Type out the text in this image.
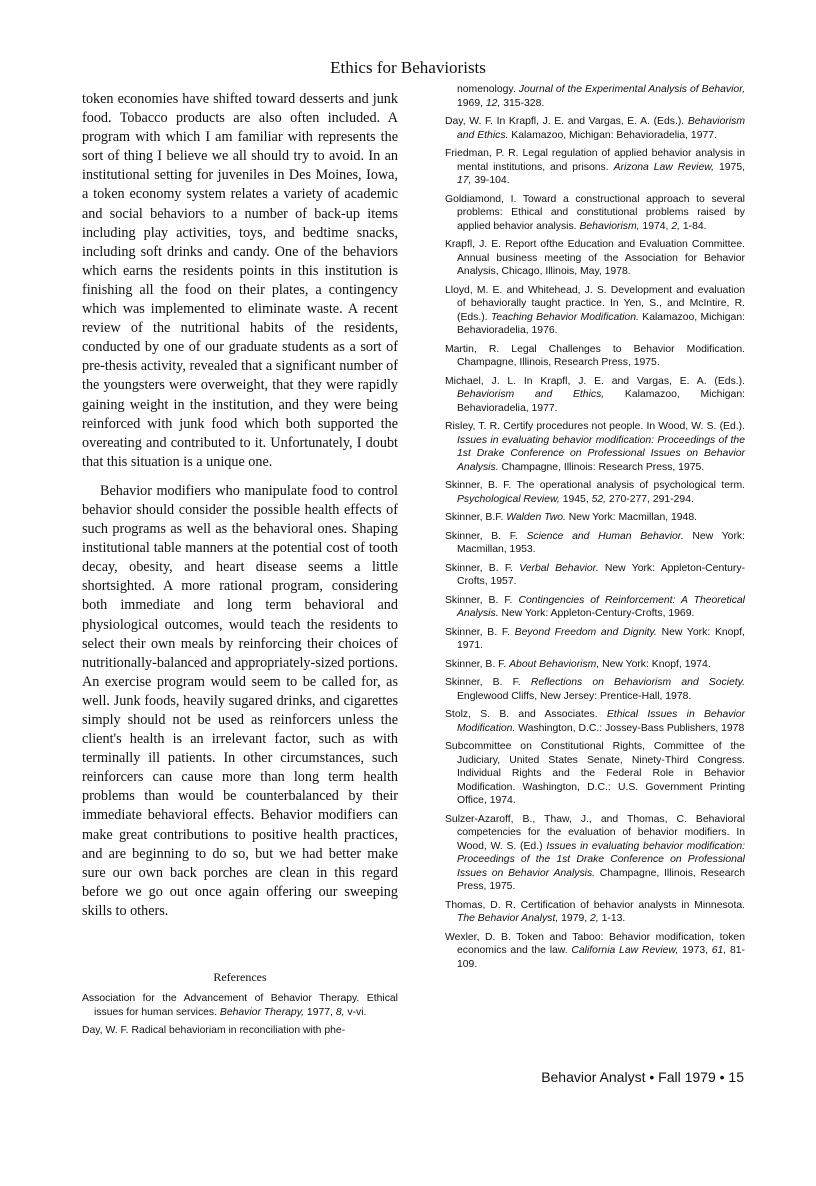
Ethics for Behaviorists

token economies have shifted toward desserts and junk food. Tobacco products are also often included. A program with which I am familiar with represents the sort of thing I believe we all should try to avoid. In an institutional setting for juveniles in Des Moines, Iowa, a token economy system relates a variety of academic and social behaviors to a number of back-up items including play activities, toys, and bedtime snacks, including soft drinks and candy. One of the behaviors which earns the residents points in this institution is finishing all the food on their plates, a contingency which was implemented to eliminate waste. A recent review of the nutritional habits of the residents, conducted by one of our graduate students as a sort of pre-thesis activity, revealed that a significant number of the youngsters were overweight, that they were rapidly gaining weight in the institution, and they were being reinforced with junk food which both supported the overeating and contributed to it. Unfortunately, I doubt that this situation is a unique one.

Behavior modifiers who manipulate food to control behavior should consider the possible health effects of such programs as well as the behavioral ones. Shaping institutional table manners at the potential cost of tooth decay, obesity, and heart disease seems a little shortsighted. A more rational program, considering both immediate and long term behavioral and physiological outcomes, would teach the residents to select their own meals by reinforcing their choices of nutritionally-balanced and appropriately-sized portions. An exercise program would seem to be called for, as well. Junk foods, heavily sugared drinks, and cigarettes simply should not be used as reinforcers unless the client's health is an irrelevant factor, such as with terminally ill patients. In other circumstances, such reinforcers can cause more than long term health problems than would be counterbalanced by their immediate behavioral effects. Behavior modifiers can make great contributions to positive health practices, and are beginning to do so, but we had better make sure our own back porches are clean in this regard before we go out once again offering our sweeping skills to others.

References

Association for the Advancement of Behavior Therapy. Ethical issues for human services. Behavior Therapy, 1977, 8, v-vi.

Day, W. F. Radical behavioriam in reconciliation with phe-

nomenology. Journal of the Experimental Analysis of Behavior, 1969, 12, 315-328.

Day, W. F. In Krapfl, J. E. and Vargas, E. A. (Eds.). Behaviorism and Ethics. Kalamazoo, Michigan: Behavioradelia, 1977.

Friedman, P. R. Legal regulation of applied behavior analysis in mental institutions, and prisons. Arizona Law Review, 1975, 17, 39-104.

Goldiamond, I. Toward a constructional approach to several problems: Ethical and constitutional problems raised by applied behavior analysis. Behaviorism, 1974, 2, 1-84.

Krapfl, J. E. Report ofthe Education and Evaluation Committee. Annual business meeting of the Association for Behavior Analysis, Chicago, Illinois, May, 1978.

Lloyd, M. E. and Whitehead, J. S. Development and evaluation of behaviorally taught practice. In Yen, S., and McIntire, R. (Eds.). Teaching Behavior Modification. Kalamazoo, Michigan: Behavioradelia, 1976.

Martin, R. Legal Challenges to Behavior Modification. Champagne, Illinois, Research Press, 1975.

Michael, J. L. In Krapfl, J. E. and Vargas, E. A. (Eds.). Behaviorism and Ethics, Kalamazoo, Michigan: Behavioradelia, 1977.

Risley, T. R. Certify procedures not people. In Wood, W. S. (Ed.). Issues in evaluating behavior modification: Proceedings of the 1st Drake Conference on Professional Issues on Behavior Analysis. Champagne, Illinois: Research Press, 1975.

Skinner, B. F. The operational analysis of psychological term. Psychological Review, 1945, 52, 270-277, 291-294.

Skinner, B.F. Walden Two. New York: Macmillan, 1948.

Skinner, B. F. Science and Human Behavior. New York: Macmillan, 1953.

Skinner, B. F. Verbal Behavior. New York: Appleton-Century-Crofts, 1957.

Skinner, B. F. Contingencies of Reinforcement: A Theoretical Analysis. New York: Appleton-Century-Crofts, 1969.

Skinner, B. F. Beyond Freedom and Dignity. New York: Knopf, 1971.

Skinner, B. F. About Behaviorism, New York: Knopf, 1974.

Skinner, B. F. Reflections on Behaviorism and Society. Englewood Cliffs, New Jersey: Prentice-Hall, 1978.

Stolz, S. B. and Associates. Ethical Issues in Behavior Modification. Washington, D.C.: Jossey-Bass Publishers, 1978

Subcommittee on Constitutional Rights, Committee of the Judiciary, United States Senate, Ninety-Third Congress. Individual Rights and the Federal Role in Behavior Modification. Washington, D.C.: U.S. Government Printing Office, 1974.

Sulzer-Azaroff, B., Thaw, J., and Thomas, C. Behavioral competencies for the evaluation of behavior modifiers. In Wood, W. S. (Ed.) Issues in evaluating behavior modification: Proceedings of the 1st Drake Conference on Professional Issues on Behavior Analysis. Champagne, Illinois, Research Press, 1975.

Thomas, D. R. Certification of behavior analysts in Minnesota. The Behavior Analyst, 1979, 2, 1-13.

Wexler, D. B. Token and Taboo: Behavior modification, token economics and the law. California Law Review, 1973, 61, 81-109.

Behavior Analyst • Fall 1979 • 15
